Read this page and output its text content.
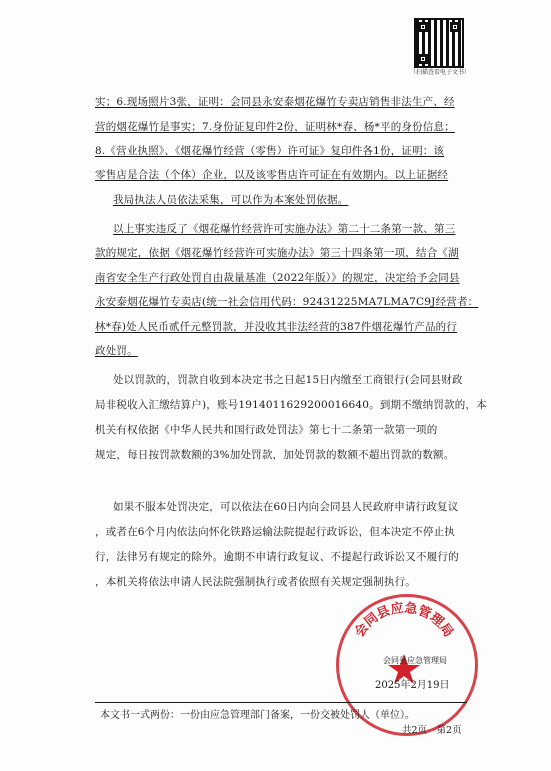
（扫描查看电子文书）
实；6.现场照片3张，证明：会同县永安泰烟花爆竹专卖店销售非法生产、经
营的烟花爆竹是事实；7.身份证复印件2份，证明林*春、杨*平的身份信息；
8.《营业执照》、《烟花爆竹经营（零售）许可证》复印件各1份，证明：该
零售店是合法（个体）企业，以及该零售店许可证在有效期内。以上证据经
我局执法人员依法采集，可以作为本案处罚依据。
以上事实违反了《烟花爆竹经营许可实施办法》第二十二条第一款、第三
款的规定，依据《烟花爆竹经营许可实施办法》第三十四条第一项，结合《湖
南省安全生产行政处罚自由裁量基准（2022年版）》的规定，决定给予会同县
永安泰烟花爆竹专卖店(统一社会信用代码：92431225MA7LMA7C9J经营者：
林*春)处人民币贰仟元整罚款，并没收其非法经营的387件烟花爆竹产品的行
政处罚。
处以罚款的，罚款自收到本决定书之日起15日内缴至工商银行(会同县财政
局非税收入汇缴结算户)，账号1914011629200016640。到期不缴纳罚款的，本
机关有权依据《中华人民共和国行政处罚法》第七十二条第一款第一项的
规定，每日按罚款数额的3%加处罚款，加处罚款的数额不超出罚款的数额。
如果不服本处罚决定，可以依法在60日内向会同县人民政府申请行政复议
，或者在6个月内依法向怀化铁路运输法院提起行政诉讼，但本决定不停止执
行，法律另有规定的除外。逾期不申请行政复议、不提起行政诉讼又不履行的
，本机关将依法申请人民法院强制执行或者依照有关规定强制执行。
会同县应急管理局
会同县应急管理局
2025年2月19日
本文书一式两份：一份由应急管理部门备案，一份交被处罚人（单位）。
共2页　第2页
